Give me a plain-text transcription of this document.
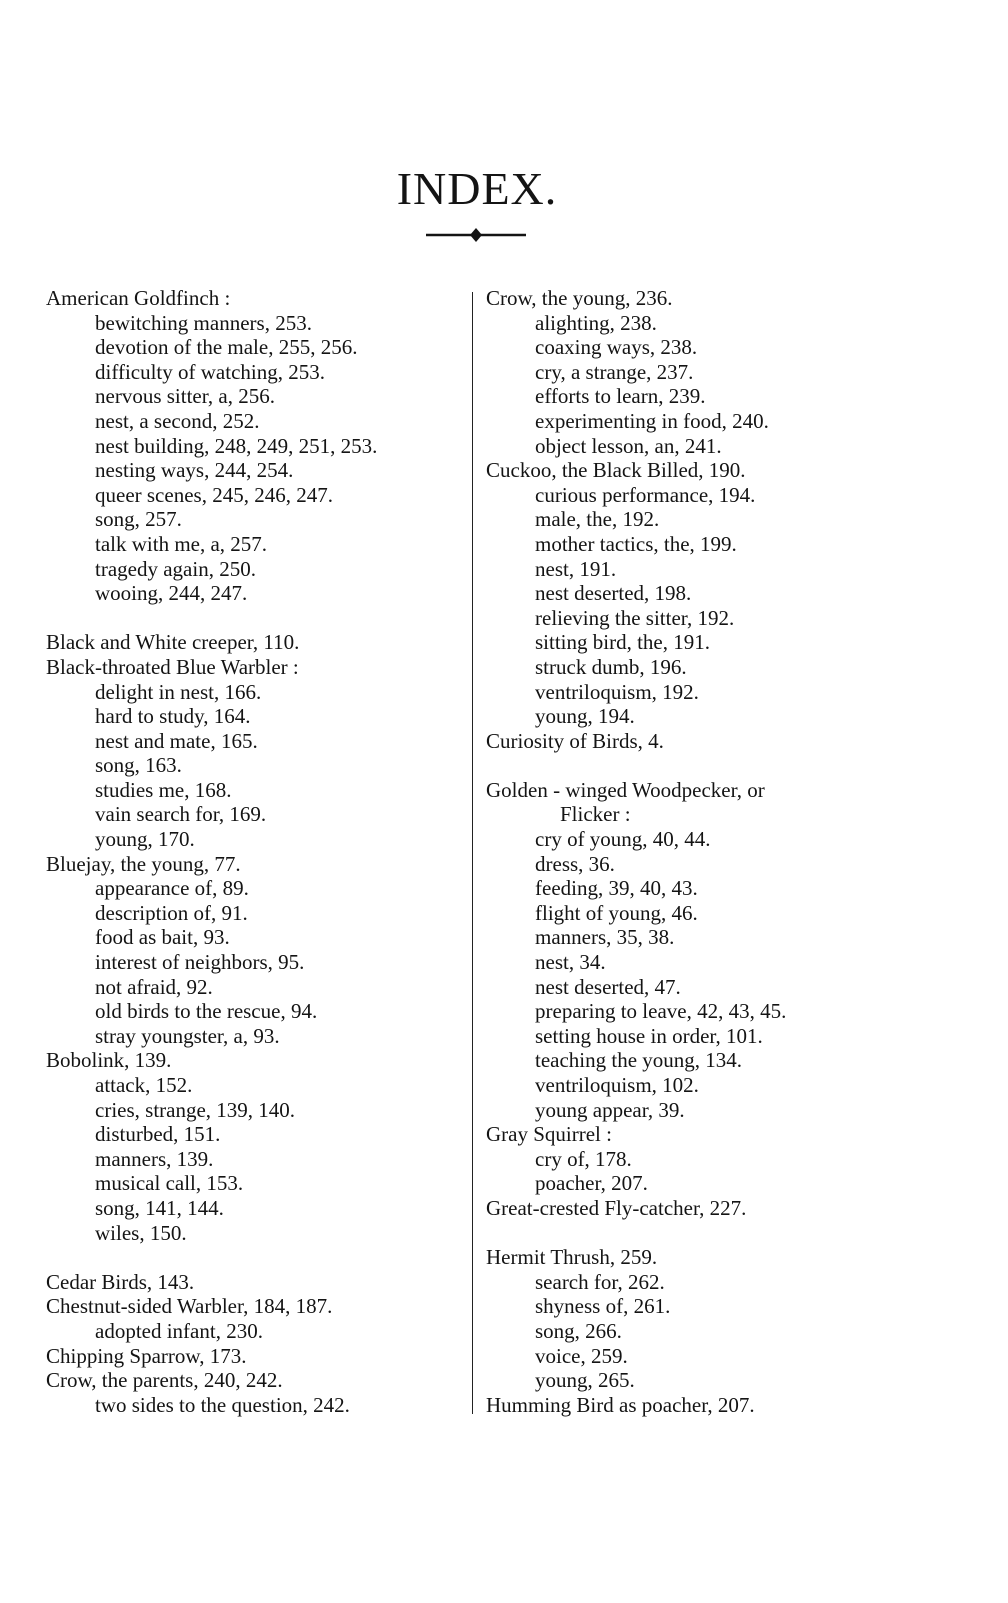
INDEX.
American Goldfinch :
bewitching manners, 253.
devotion of the male, 255, 256.
difficulty of watching, 253.
nervous sitter, a, 256.
nest, a second, 252.
nest building, 248, 249, 251, 253.
nesting ways, 244, 254.
queer scenes, 245, 246, 247.
song, 257.
talk with me, a, 257.
tragedy again, 250.
wooing, 244, 247.
Black and White creeper, 110.
Black-throated Blue Warbler :
delight in nest, 166.
hard to study, 164.
nest and mate, 165.
song, 163.
studies me, 168.
vain search for, 169.
young, 170.
Bluejay, the young, 77.
appearance of, 89.
description of, 91.
food as bait, 93.
interest of neighbors, 95.
not afraid, 92.
old birds to the rescue, 94.
stray youngster, a, 93.
Bobolink, 139.
attack, 152.
cries, strange, 139, 140.
disturbed, 151.
manners, 139.
musical call, 153.
song, 141, 144.
wiles, 150.
Cedar Birds, 143.
Chestnut-sided Warbler, 184, 187.
adopted infant, 230.
Chipping Sparrow, 173.
Crow, the parents, 240, 242.
two sides to the question, 242.
Crow, the young, 236.
alighting, 238.
coaxing ways, 238.
cry, a strange, 237.
efforts to learn, 239.
experimenting in food, 240.
object lesson, an, 241.
Cuckoo, the Black Billed, 190.
curious performance, 194.
male, the, 192.
mother tactics, the, 199.
nest, 191.
nest deserted, 198.
relieving the sitter, 192.
sitting bird, the, 191.
struck dumb, 196.
ventriloquism, 192.
young, 194.
Curiosity of Birds, 4.
Golden - winged Woodpecker, or
Flicker :
cry of young, 40, 44.
dress, 36.
feeding, 39, 40, 43.
flight of young, 46.
manners, 35, 38.
nest, 34.
nest deserted, 47.
preparing to leave, 42, 43, 45.
setting house in order, 101.
teaching the young, 134.
ventriloquism, 102.
young appear, 39.
Gray Squirrel :
cry of, 178.
poacher, 207.
Great-crested Fly-catcher, 227.
Hermit Thrush, 259.
search for, 262.
shyness of, 261.
song, 266.
voice, 259.
young, 265.
Humming Bird as poacher, 207.
